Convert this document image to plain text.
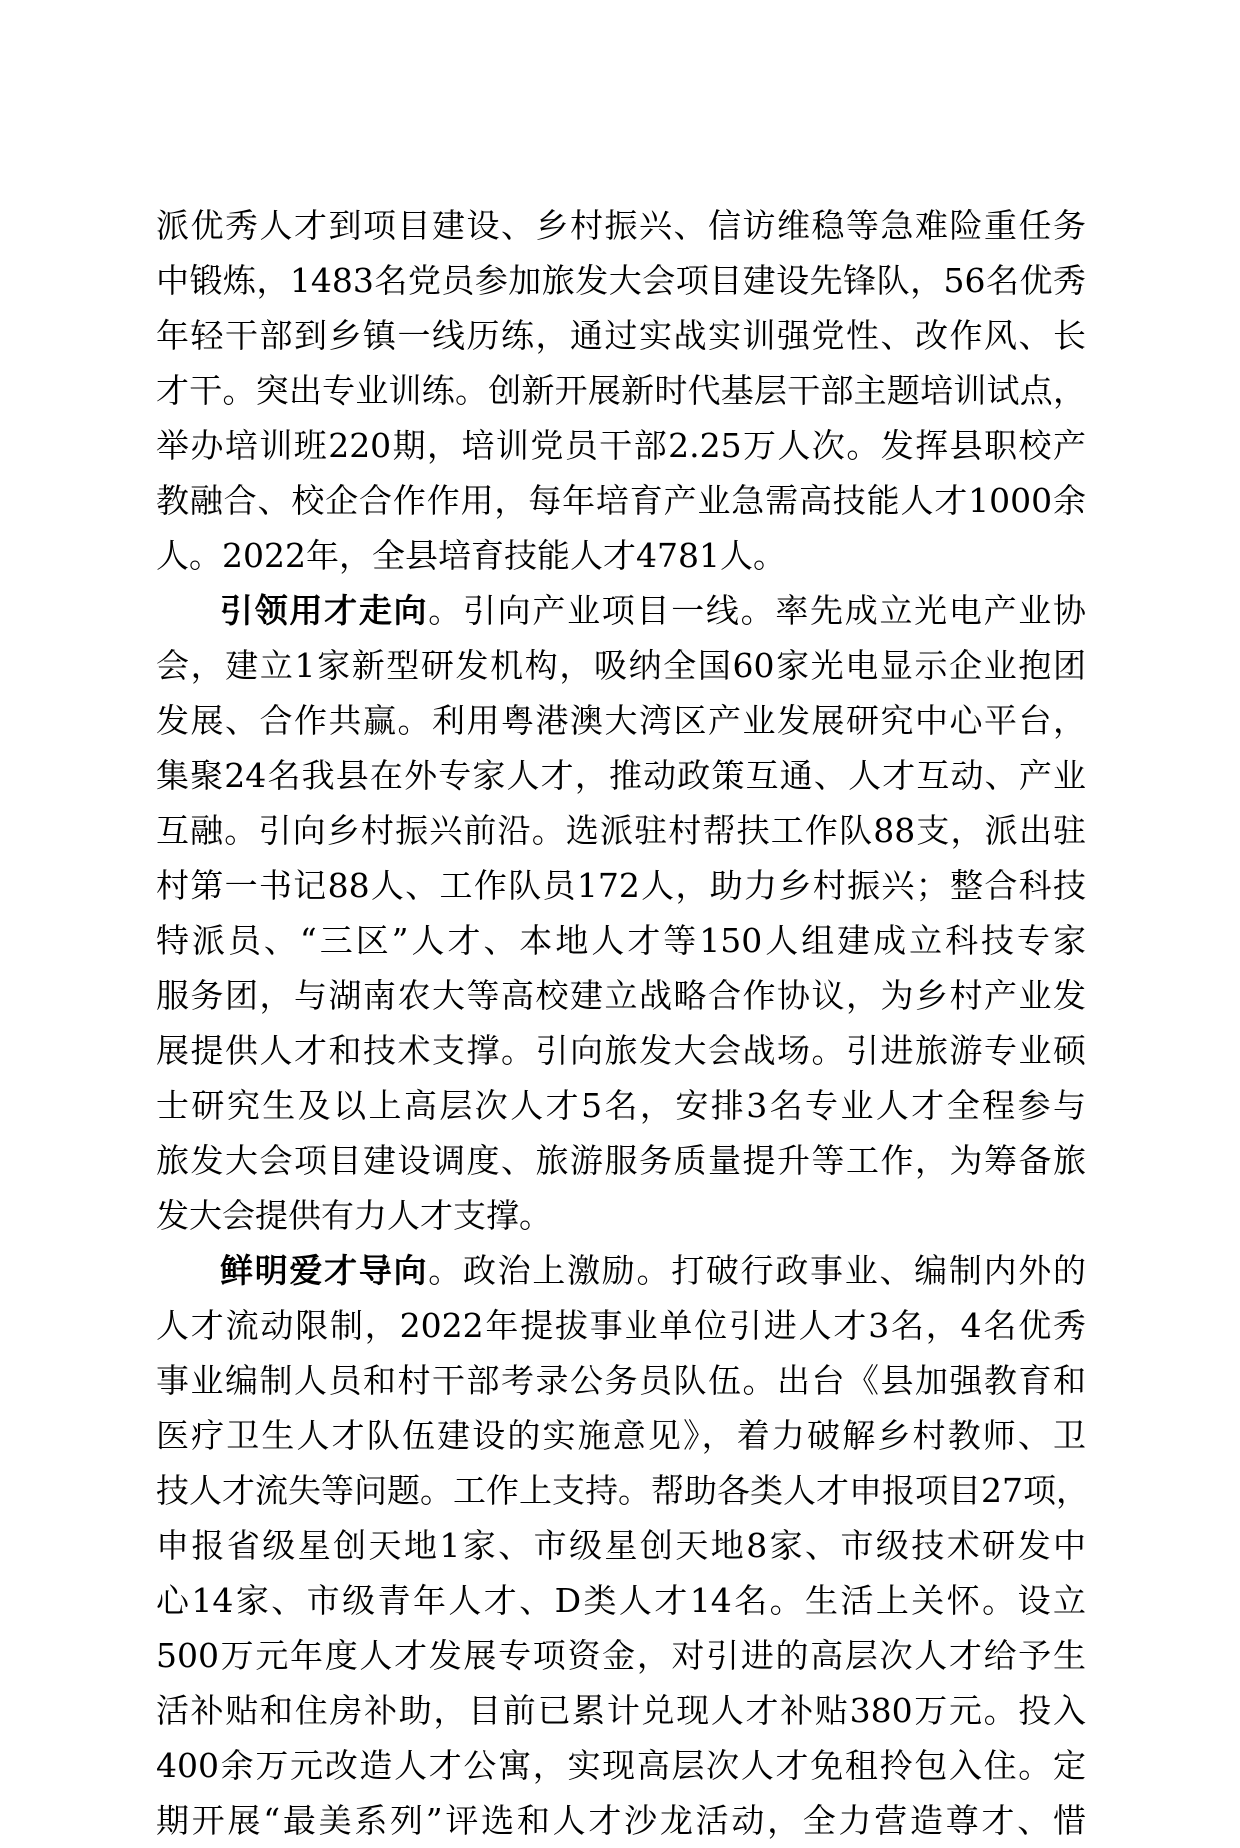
派优秀人才到项目建设、乡村振兴、信访维稳等急难险重任务
中锻炼，1483名党员参加旅发大会项目建设先锋队，56名优秀
年轻干部到乡镇一线历练，通过实战实训强党性、改作风、长
才干。突出专业训练。创新开展新时代基层干部主题培训试点，
举办培训班220期，培训党员干部2.25万人次。发挥县职校产
教融合、校企合作作用，每年培育产业急需高技能人才1000余
人。2022年，全县培育技能人才4781人。
引领用才走向。引向产业项目一线。率先成立光电产业协
会，建立1家新型研发机构，吸纳全国60家光电显示企业抱团
发展、合作共赢。利用粤港澳大湾区产业发展研究中心平台，
集聚24名我县在外专家人才，推动政策互通、人才互动、产业
互融。引向乡村振兴前沿。选派驻村帮扶工作队88支，派出驻
村第一书记88人、工作队员172人，助力乡村振兴；整合科技
特派员、“三区”人才、本地人才等150人组建成立科技专家
服务团，与湖南农大等高校建立战略合作协议，为乡村产业发
展提供人才和技术支撑。引向旅发大会战场。引进旅游专业硕
士研究生及以上高层次人才5名，安排3名专业人才全程参与
旅发大会项目建设调度、旅游服务质量提升等工作，为筹备旅
发大会提供有力人才支撑。
鲜明爱才导向。政治上激励。打破行政事业、编制内外的
人才流动限制，2022年提拔事业单位引进人才3名，4名优秀
事业编制人员和村干部考录公务员队伍。出台《县加强教育和
医疗卫生人才队伍建设的实施意见》，着力破解乡村教师、卫
技人才流失等问题。工作上支持。帮助各类人才申报项目27项，
申报省级星创天地1家、市级星创天地8家、市级技术研发中
心14家、市级青年人才、D类人才14名。生活上关怀。设立
500万元年度人才发展专项资金，对引进的高层次人才给予生
活补贴和住房补助，目前已累计兑现人才补贴380万元。投入
400余万元改造人才公寓，实现高层次人才免租拎包入住。定
期开展“最美系列”评选和人才沙龙活动，全力营造尊才、惜
